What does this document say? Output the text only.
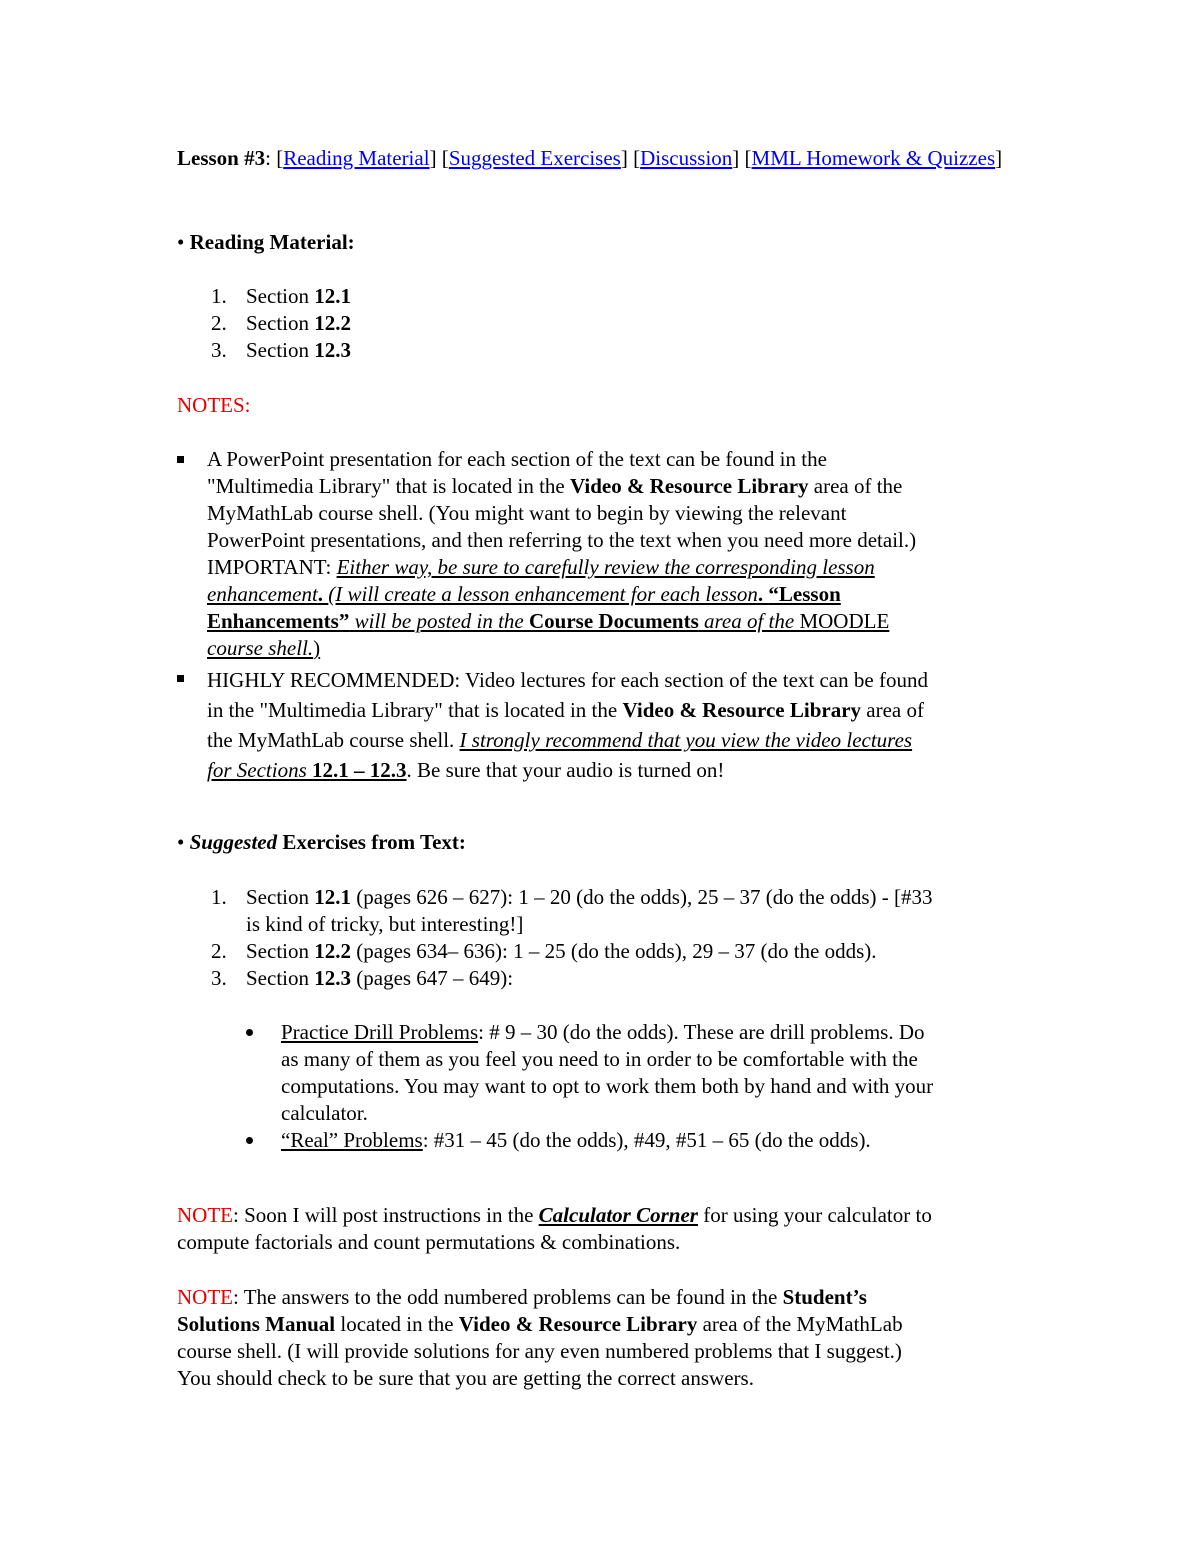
Lesson #3: [Reading Material] [Suggested Exercises] [Discussion] [MML Homework & Quizzes]
• Reading Material:
1. Section 12.1
2. Section 12.2
3. Section 12.3
NOTES:
A PowerPoint presentation for each section of the text can be found in the
"Multimedia Library" that is located in the Video & Resource Library area of the
MyMathLab course shell. (You might want to begin by viewing the relevant
PowerPoint presentations, and then referring to the text when you need more detail.)
IMPORTANT: Either way, be sure to carefully review the corresponding lesson
enhancement. (I will create a lesson enhancement for each lesson. “Lesson
Enhancements” will be posted in the Course Documents area of the MOODLE
course shell.)
HIGHLY RECOMMENDED: Video lectures for each section of the text can be found
in the "Multimedia Library" that is located in the Video & Resource Library area of
the MyMathLab course shell. I strongly recommend that you view the video lectures
for Sections 12.1 – 12.3. Be sure that your audio is turned on!
• Suggested Exercises from Text:
1. Section 12.1 (pages 626 – 627): 1 – 20 (do the odds), 25 – 37 (do the odds) - [#33
is kind of tricky, but interesting!]
2. Section 12.2 (pages 634– 636): 1 – 25 (do the odds), 29 – 37 (do the odds).
3. Section 12.3 (pages 647 – 649):
Practice Drill Problems: # 9 – 30 (do the odds). These are drill problems. Do
as many of them as you feel you need to in order to be comfortable with the
computations. You may want to opt to work them both by hand and with your
calculator.
“Real” Problems: #31 – 45 (do the odds), #49, #51 – 65 (do the odds).
NOTE: Soon I will post instructions in the Calculator Corner for using your calculator to
compute factorials and count permutations & combinations.
NOTE: The answers to the odd numbered problems can be found in the Student’s
Solutions Manual located in the Video & Resource Library area of the MyMathLab
course shell. (I will provide solutions for any even numbered problems that I suggest.)
You should check to be sure that you are getting the correct answers.
